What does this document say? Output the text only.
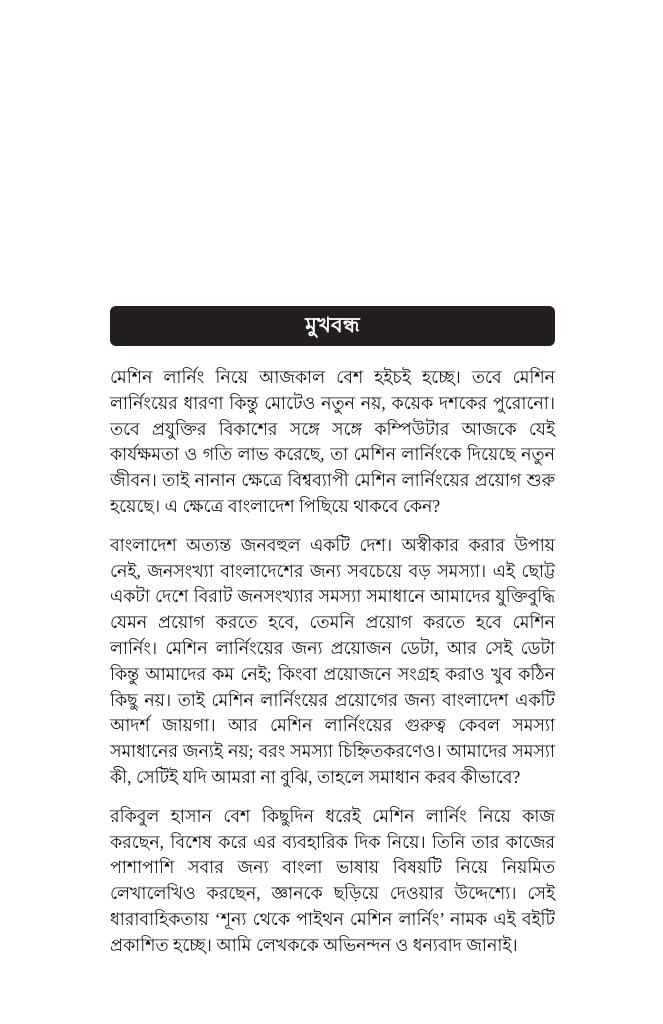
মুখবন্ধ

মেশিন লার্নিং নিয়ে আজকাল বেশ হইচই হচ্ছে। তবে মেশিন লার্নিংয়ের ধারণা কিন্তু মোটেও নতুন নয়, কয়েক দশকের পুরোনো। তবে প্রযুক্তির বিকাশের সঙ্গে সঙ্গে কম্পিউটার আজকে যেই কার্যক্ষমতা ও গতি লাভ করেছে, তা মেশিন লার্নিংকে দিয়েছে নতুন জীবন। তাই নানান ক্ষেত্রে বিশ্বব্যাপী মেশিন লার্নিংয়ের প্রয়োগ শুরু হয়েছে। এ ক্ষেত্রে বাংলাদেশ পিছিয়ে থাকবে কেন?

বাংলাদেশ অত্যন্ত জনবহুল একটি দেশ। অস্বীকার করার উপায় নেই, জনসংখ্যা বাংলাদেশের জন্য সবচেয়ে বড় সমস্যা। এই ছোট্ট একটা দেশে বিরাট জনসংখ্যার সমস্যা সমাধানে আমাদের যুক্তিবুদ্ধি যেমন প্রয়োগ করতে হবে, তেমনি প্রয়োগ করতে হবে মেশিন লার্নিং। মেশিন লার্নিংয়ের জন্য প্রয়োজন ডেটা, আর সেই ডেটা কিন্তু আমাদের কম নেই; কিংবা প্রয়োজনে সংগ্রহ করাও খুব কঠিন কিছু নয়। তাই মেশিন লার্নিংয়ের প্রয়োগের জন্য বাংলাদেশ একটি আদর্শ জায়গা। আর মেশিন লার্নিংয়ের গুরুত্ব কেবল সমস্যা সমাধানের জন্যই নয়; বরং সমস্যা চিহ্নিতকরণেও। আমাদের সমস্যা কী, সেটিই যদি আমরা না বুঝি, তাহলে সমাধান করব কীভাবে?

রকিবুল হাসান বেশ কিছুদিন ধরেই মেশিন লার্নিং নিয়ে কাজ করছেন, বিশেষ করে এর ব্যবহারিক দিক নিয়ে। তিনি তার কাজের পাশাপাশি সবার জন্য বাংলা ভাষায় বিষয়টি নিয়ে নিয়মিত লেখালেখিও করছেন, জ্ঞানকে ছড়িয়ে দেওয়ার উদ্দেশ্যে। সেই ধারাবাহিকতায় ‘শূন্য থেকে পাইথন মেশিন লার্নিং’ নামক এই বইটি প্রকাশিত হচ্ছে। আমি লেখককে অভিনন্দন ও ধন্যবাদ জানাই।
